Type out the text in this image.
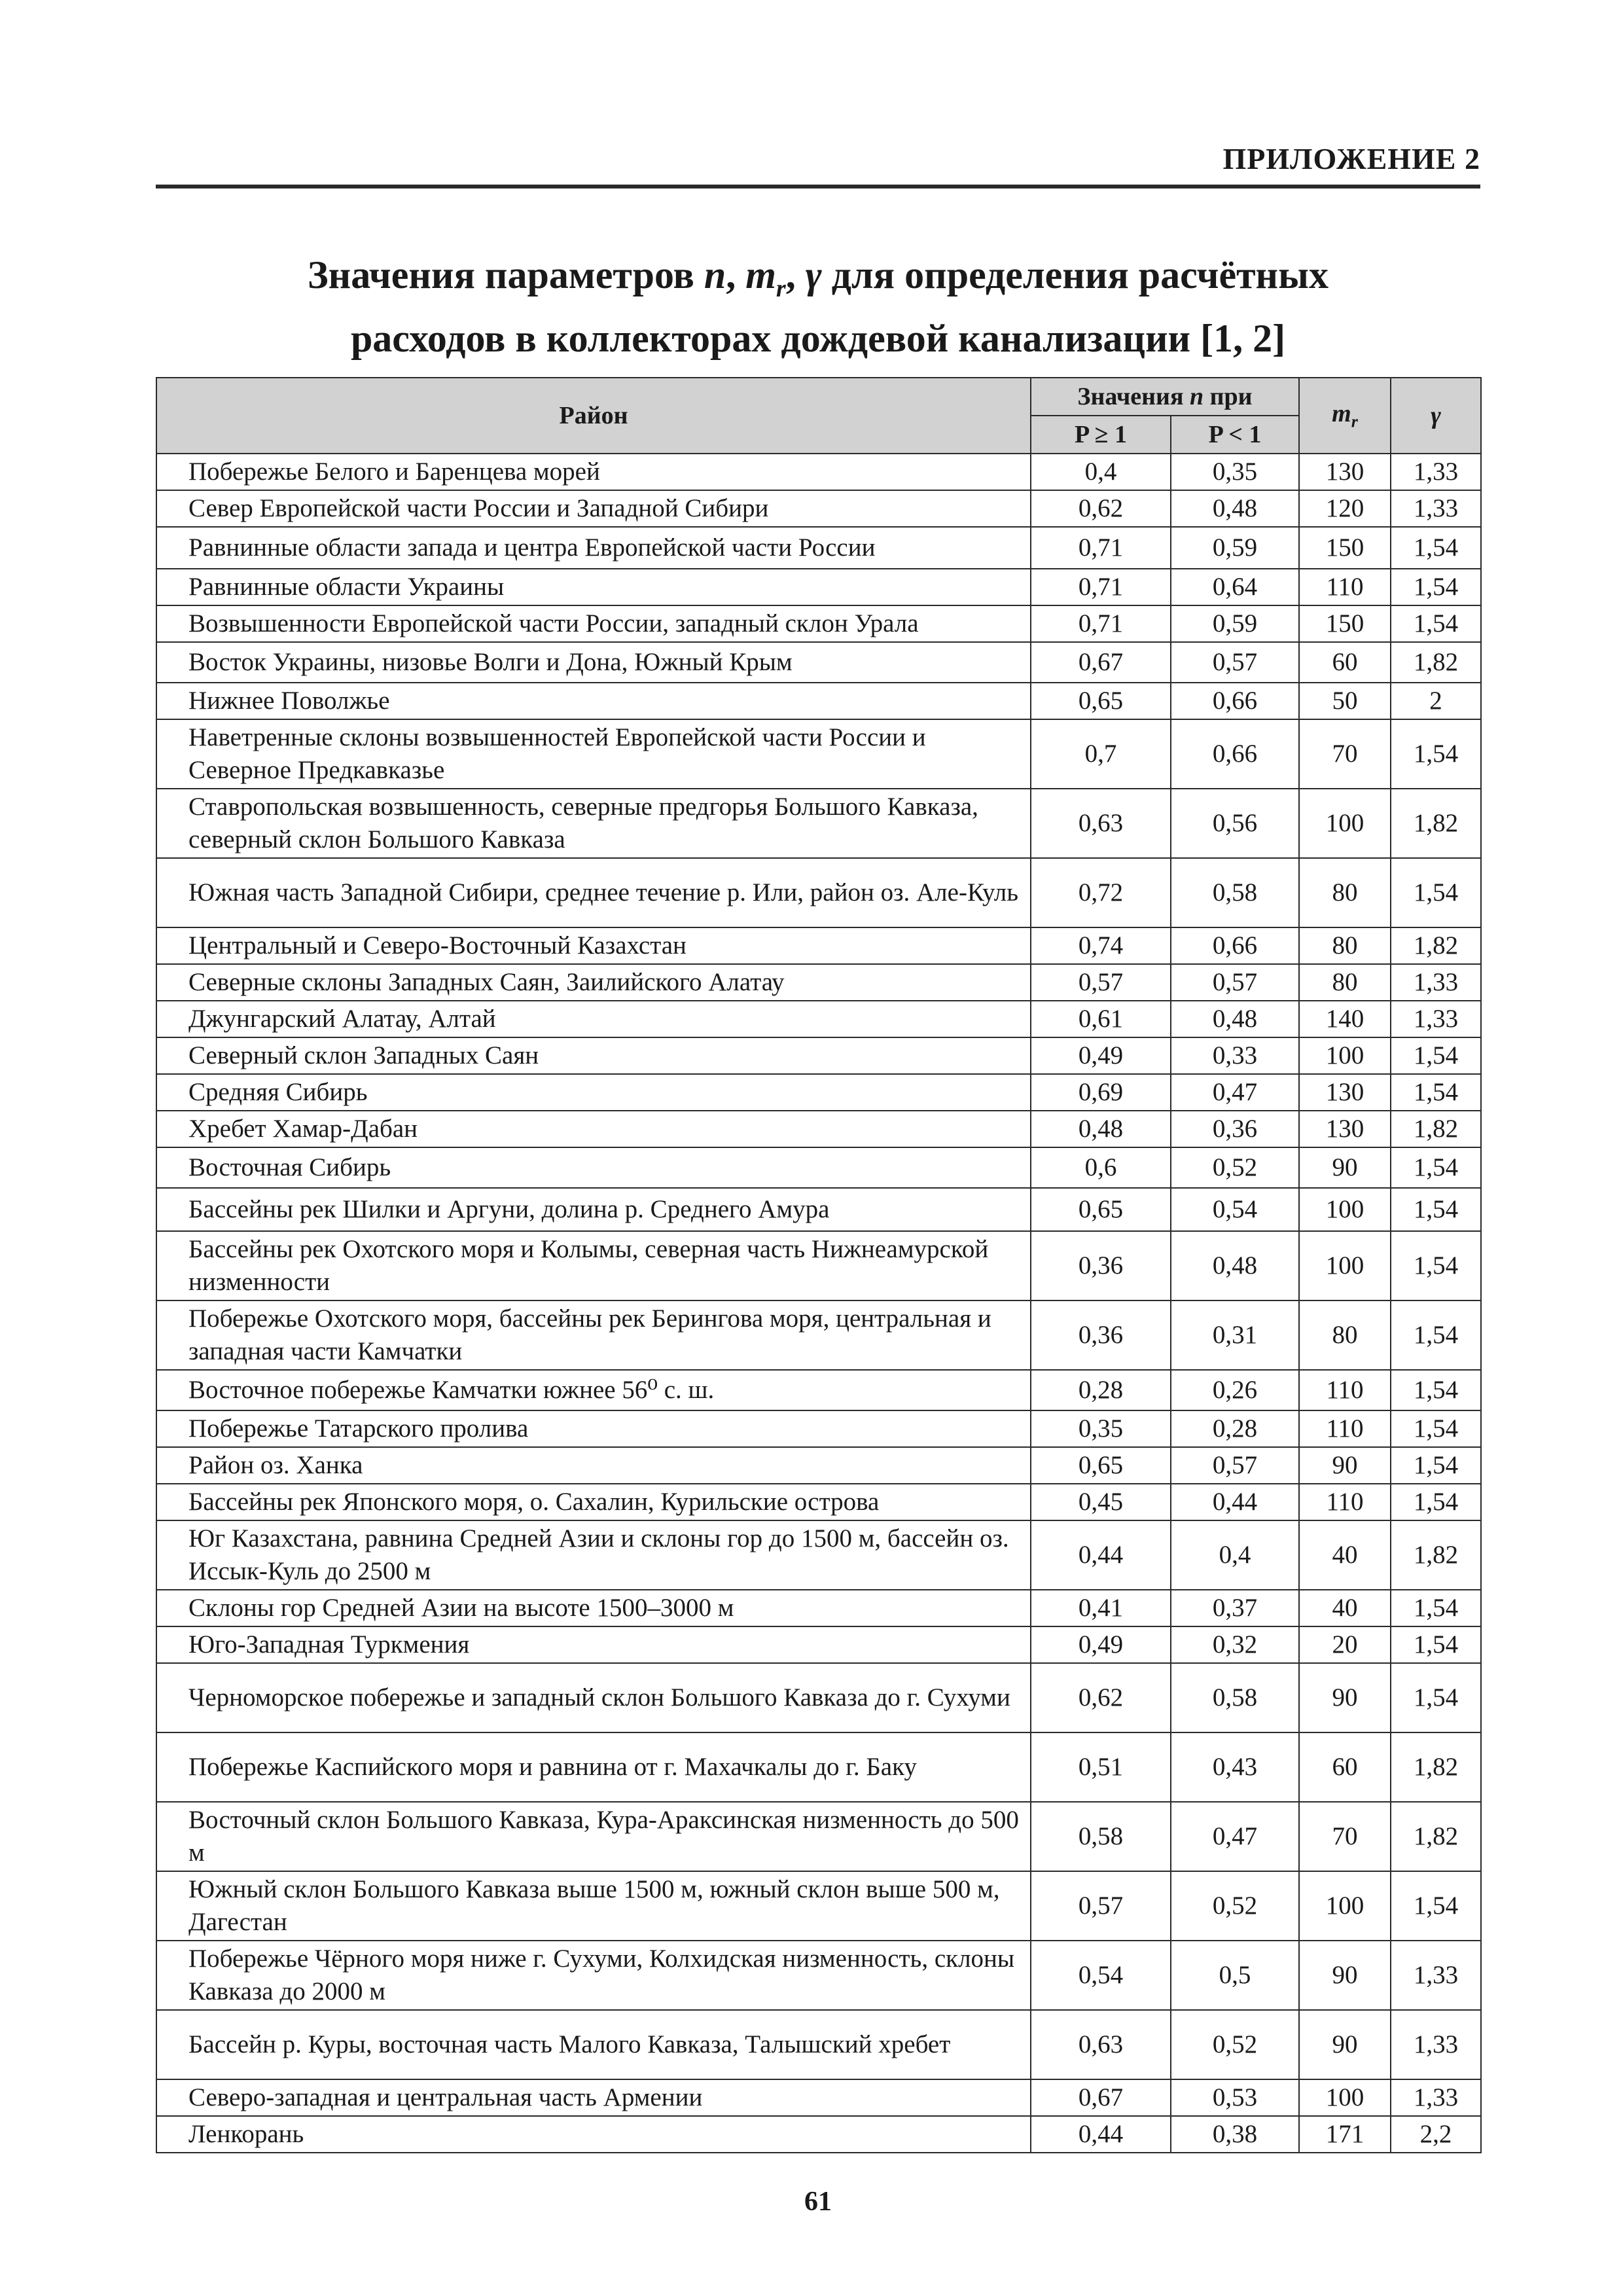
ПРИЛОЖЕНИЕ 2
Значения параметров n, $m_r$, γ для определения расчётных
расходов в коллекторах дождевой канализации [1, 2]
Район	Значения n при		$m_r$	γ
	P ≥ 1	P < 1		
Побережье Белого и Баренцева морей	0,4	0,35	130	1,33
Север Европейской части России и Западной Сибири	0,62	0,48	120	1,33
Равнинные области запада и центра Европейской части России	0,71	0,59	150	1,54
Равнинные области Украины	0,71	0,64	110	1,54
Возвышенности Европейской части России, западный склон Урала	0,71	0,59	150	1,54
Восток Украины, низовье Волги и Дона, Южный Крым	0,67	0,57	60	1,82
Нижнее Поволжье	0,65	0,66	50	2
Наветренные склоны возвышенностей Европейской части России и Северное Предкавказье	0,7	0,66	70	1,54
Ставропольская возвышенность, северные предгорья Большого Кавказа, северный склон Большого Кавказа	0,63	0,56	100	1,82
Южная часть Западной Сибири, среднее течение р. Или, район оз. Але-Куль	0,72	0,58	80	1,54
Центральный и Северо-Восточный Казахстан	0,74	0,66	80	1,82
Северные склоны Западных Саян, Заилийского Алатау	0,57	0,57	80	1,33
Джунгарский Алатау, Алтай	0,61	0,48	140	1,33
Северный склон Западных Саян	0,49	0,33	100	1,54
Средняя Сибирь	0,69	0,47	130	1,54
Хребет Хамар-Дабан	0,48	0,36	130	1,82
Восточная Сибирь	0,6	0,52	90	1,54
Бассейны рек Шилки и Аргуни, долина р. Среднего Амура	0,65	0,54	100	1,54
Бассейны рек Охотского моря и Колымы, северная часть Нижнеамурской низменности	0,36	0,48	100	1,54
Побережье Охотского моря, бассейны рек Берингова моря, центральная и западная части Камчатки	0,36	0,31	80	1,54
Восточное побережье Камчатки южнее 56⁰ с. ш.	0,28	0,26	110	1,54
Побережье Татарского пролива	0,35	0,28	110	1,54
Район оз. Ханка	0,65	0,57	90	1,54
Бассейны рек Японского моря, о. Сахалин, Курильские острова	0,45	0,44	110	1,54
Юг Казахстана, равнина Средней Азии и склоны гор до 1500 м, бассейн оз. Иссык-Куль до 2500 м	0,44	0,4	40	1,82
Склоны гор Средней Азии на высоте 1500–3000 м	0,41	0,37	40	1,54
Юго-Западная Туркмения	0,49	0,32	20	1,54
Черноморское побережье и западный склон Большого Кавказа до г. Сухуми	0,62	0,58	90	1,54
Побережье Каспийского моря и равнина от г. Махачкалы до г. Баку	0,51	0,43	60	1,82
Восточный склон Большого Кавказа, Кура-Араксинская низменность до 500 м	0,58	0,47	70	1,82
Южный склон Большого Кавказа выше 1500 м, южный склон выше 500 м, Дагестан	0,57	0,52	100	1,54
Побережье Чёрного моря ниже г. Сухуми, Колхидская низменность, склоны Кавказа до 2000 м	0,54	0,5	90	1,33
Бассейн р. Куры, восточная часть Малого Кавказа, Талышский хребет	0,63	0,52	90	1,33
Северо-западная и центральная часть Армении	0,67	0,53	100	1,33
Ленкорань	0,44	0,38	171	2,2
61
